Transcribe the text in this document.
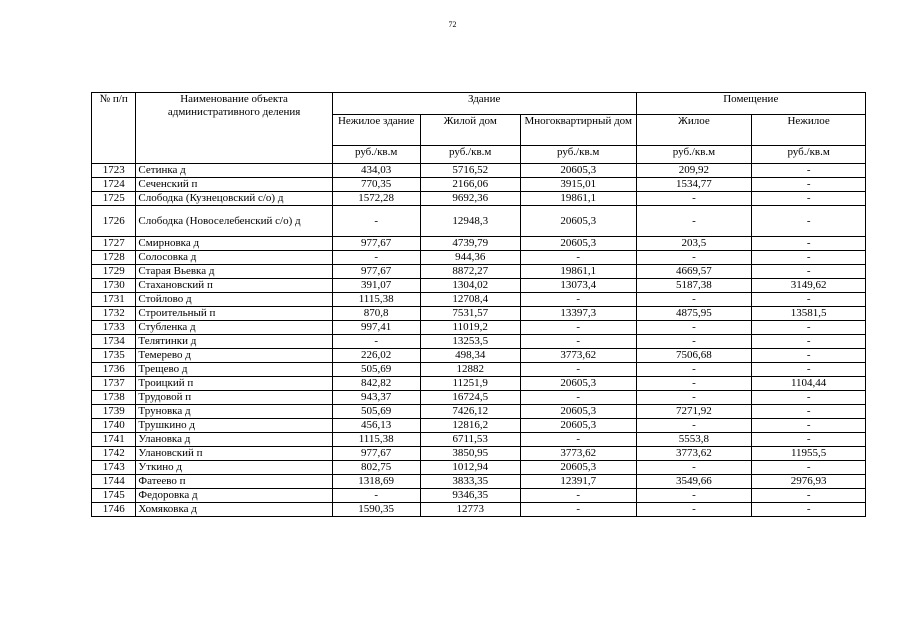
72
№ п/п	Наименование объекта административного деления	Здание			Помещение	
		Нежилое здание	Жилой дом	Многоквартирный дом	Жилое	Нежилое
		руб./кв.м	руб./кв.м	руб./кв.м	руб./кв.м	руб./кв.м
1723	Сетинка д	434,03	5716,52	20605,3	209,92	-
1724	Сеченский п	770,35	2166,06	3915,01	1534,77	-
1725	Слободка (Кузнецовский с/о) д	1572,28	9692,36	19861,1	-	-
1726	Слободка (Новоселебенский с/о) д	-	12948,3	20605,3	-	-
1727	Смирновка д	977,67	4739,79	20605,3	203,5	-
1728	Солосовка д	-	944,36	-	-	-
1729	Старая Вьевка д	977,67	8872,27	19861,1	4669,57	-
1730	Стахановский п	391,07	1304,02	13073,4	5187,38	3149,62
1731	Стойлово д	1115,38	12708,4	-	-	-
1732	Строительный п	870,8	7531,57	13397,3	4875,95	13581,5
1733	Стубленка д	997,41	11019,2	-	-	-
1734	Телятинки д	-	13253,5	-	-	-
1735	Темерево д	226,02	498,34	3773,62	7506,68	-
1736	Трещево д	505,69	12882	-	-	-
1737	Троицкий п	842,82	11251,9	20605,3	-	1104,44
1738	Трудовой п	943,37	16724,5	-	-	-
1739	Труновка д	505,69	7426,12	20605,3	7271,92	-
1740	Трушкино д	456,13	12816,2	20605,3	-	-
1741	Улановка д	1115,38	6711,53	-	5553,8	-
1742	Улановский п	977,67	3850,95	3773,62	3773,62	11955,5
1743	Уткино д	802,75	1012,94	20605,3	-	-
1744	Фатеево п	1318,69	3833,35	12391,7	3549,66	2976,93
1745	Федоровка д	-	9346,35	-	-	-
1746	Хомяковка д	1590,35	12773	-	-	-
